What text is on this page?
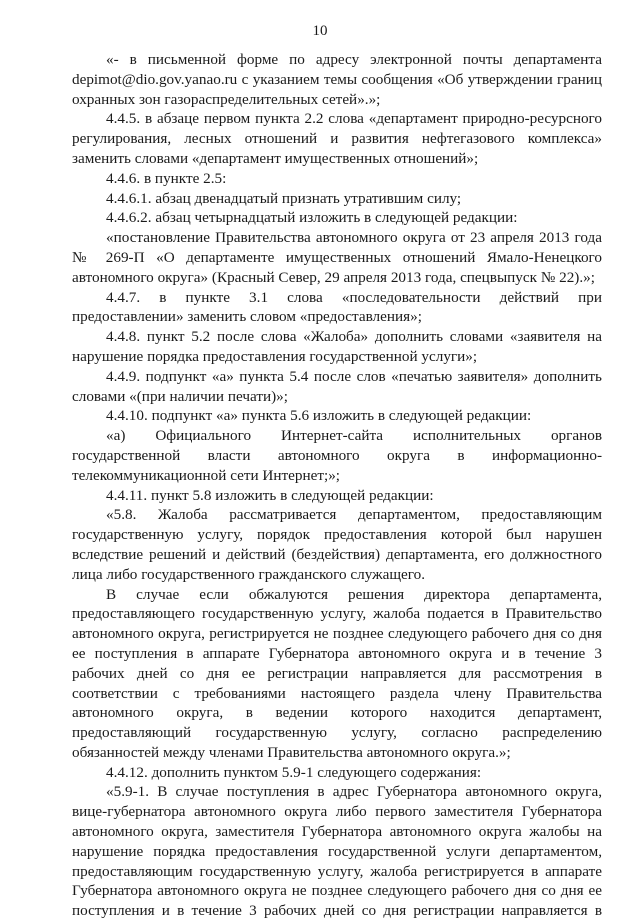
10

«- в письменной форме по адресу электронной почты департамента depimot@dio.gov.yanao.ru с указанием темы сообщения «Об утверждении границ охранных зон газораспределительных сетей».»;

4.4.5. в абзаце первом пункта 2.2 слова «департамент природно-ресурсного регулирования, лесных отношений и развития нефтегазового комплекса» заменить словами «департамент имущественных отношений»;

4.4.6. в пункте 2.5:

4.4.6.1. абзац двенадцатый признать утратившим силу;

4.4.6.2. абзац четырнадцатый изложить в следующей редакции:

«постановление Правительства автономного округа от 23 апреля 2013 года № 269-П «О департаменте имущественных отношений Ямало-Ненецкого автономного округа» (Красный Север, 29 апреля 2013 года, спецвыпуск № 22).»;

4.4.7. в пункте 3.1 слова «последовательности действий при предоставлении» заменить словом «предоставления»;

4.4.8. пункт 5.2 после слова «Жалоба» дополнить словами «заявителя на нарушение порядка предоставления государственной услуги»;

4.4.9. подпункт «а» пункта 5.4 после слов «печатью заявителя» дополнить словами «(при наличии печати)»;

4.4.10. подпункт «а» пункта 5.6 изложить в следующей редакции:

«а) Официального Интернет-сайта исполнительных органов государственной власти автономного округа в информационно-телекоммуникационной сети Интернет;»;

4.4.11. пункт 5.8 изложить в следующей редакции:

«5.8. Жалоба рассматривается департаментом, предоставляющим государственную услугу, порядок предоставления которой был нарушен вследствие решений и действий (бездействия) департамента, его должностного лица либо государственного гражданского служащего.

В случае если обжалуются решения директора департамента, предоставляющего государственную услугу, жалоба подается в Правительство автономного округа, регистрируется не позднее следующего рабочего дня со дня ее поступления в аппарате Губернатора автономного округа и в течение 3 рабочих дней со дня ее регистрации направляется для рассмотрения в соответствии с требованиями настоящего раздела члену Правительства автономного округа, в ведении которого находится департамент, предоставляющий государственную услугу, согласно распределению обязанностей между членами Правительства автономного округа.»;

4.4.12. дополнить пунктом 5.9-1 следующего содержания:

«5.9-1. В случае поступления в адрес Губернатора автономного округа, вице-губернатора автономного округа либо первого заместителя Губернатора автономного округа, заместителя Губернатора автономного округа жалобы на нарушение порядка предоставления государственной услуги департаментом, предоставляющим государственную услугу, жалоба регистрируется в аппарате Губернатора автономного округа не позднее следующего рабочего дня со дня ее поступления и в течение 3 рабочих дней со дня регистрации направляется в
